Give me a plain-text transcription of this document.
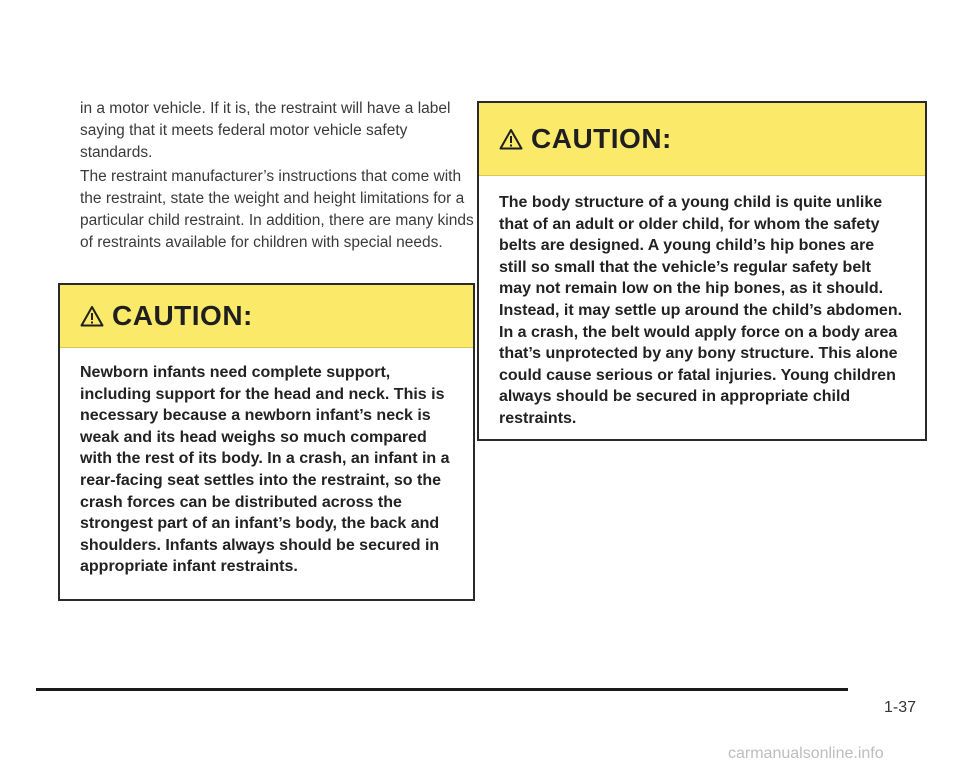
in a motor vehicle. If it is, the restraint will have a label saying that it meets federal motor vehicle safety standards.

The restraint manufacturer’s instructions that come with the restraint, state the weight and height limitations for a particular child restraint. In addition, there are many kinds of restraints available for children with special needs.

CAUTION:

Newborn infants need complete support, including support for the head and neck. This is necessary because a newborn infant’s neck is weak and its head weighs so much compared with the rest of its body. In a crash, an infant in a rear-facing seat settles into the restraint, so the crash forces can be distributed across the strongest part of an infant’s body, the back and shoulders. Infants always should be secured in appropriate infant restraints.

CAUTION:

The body structure of a young child is quite unlike that of an adult or older child, for whom the safety belts are designed. A young child’s hip bones are still so small that the vehicle’s regular safety belt may not remain low on the hip bones, as it should. Instead, it may settle up around the child’s abdomen. In a crash, the belt would apply force on a body area that’s unprotected by any bony structure. This alone could cause serious or fatal injuries. Young children always should be secured in appropriate child restraints.

1-37
carmanualsonline.info
